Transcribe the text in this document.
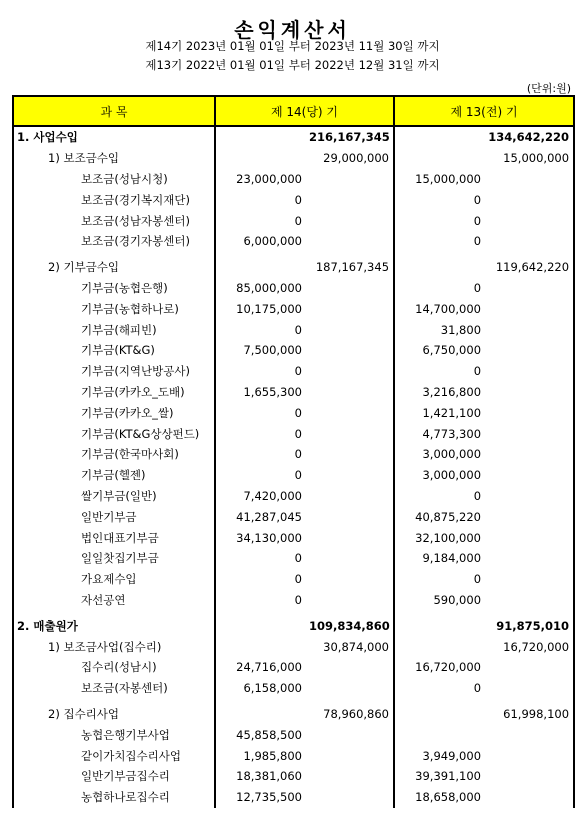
손익계산서
제14기 2023년 01월 01일 부터 2023년 11월 30일 까지
제13기 2022년 01월 01일 부터 2022년 12월 31일 까지
(단위:원)
과 목	제 14(당) 기		제 13(전) 기	
1. 사업수입		216,167,345		134,642,220
1) 보조금수입		29,000,000		15,000,000
보조금(성남시청)	23,000,000		15,000,000	
보조금(경기복지재단)	0		0	
보조금(성남자봉센터)	0		0	
보조금(경기자봉센터)	6,000,000		0	

2) 기부금수입		187,167,345		119,642,220
기부금(농협은행)	85,000,000		0	
기부금(농협하나로)	10,175,000		14,700,000	
기부금(해피빈)	0		31,800	
기부금(KT&G)	7,500,000		6,750,000	
기부금(지역난방공사)	0		0	
기부금(카카오_도배)	1,655,300		3,216,800	
기부금(카카오_쌀)	0		1,421,100	
기부금(KT&G상상펀드)	0		4,773,300	
기부금(한국마사회)	0		3,000,000	
기부금(헬젠)	0		3,000,000	
쌀기부금(일반)	7,420,000		0	
일반기부금	41,287,045		40,875,220	
법인대표기부금	34,130,000		32,100,000	
일일찻집기부금	0		9,184,000	
가요제수입	0		0	
자선공연	0		590,000	

2. 매출원가		109,834,860		91,875,010
1) 보조금사업(집수리)		30,874,000		16,720,000
집수리(성남시)	24,716,000		16,720,000	
보조금(자봉센터)	6,158,000		0	

2) 집수리사업		78,960,860		61,998,100
농협은행기부사업	45,858,500			
같이가치집수리사업	1,985,800		3,949,000	
일반기부금집수리	18,381,060		39,391,100	
농협하나로집수리	12,735,500		18,658,000	
